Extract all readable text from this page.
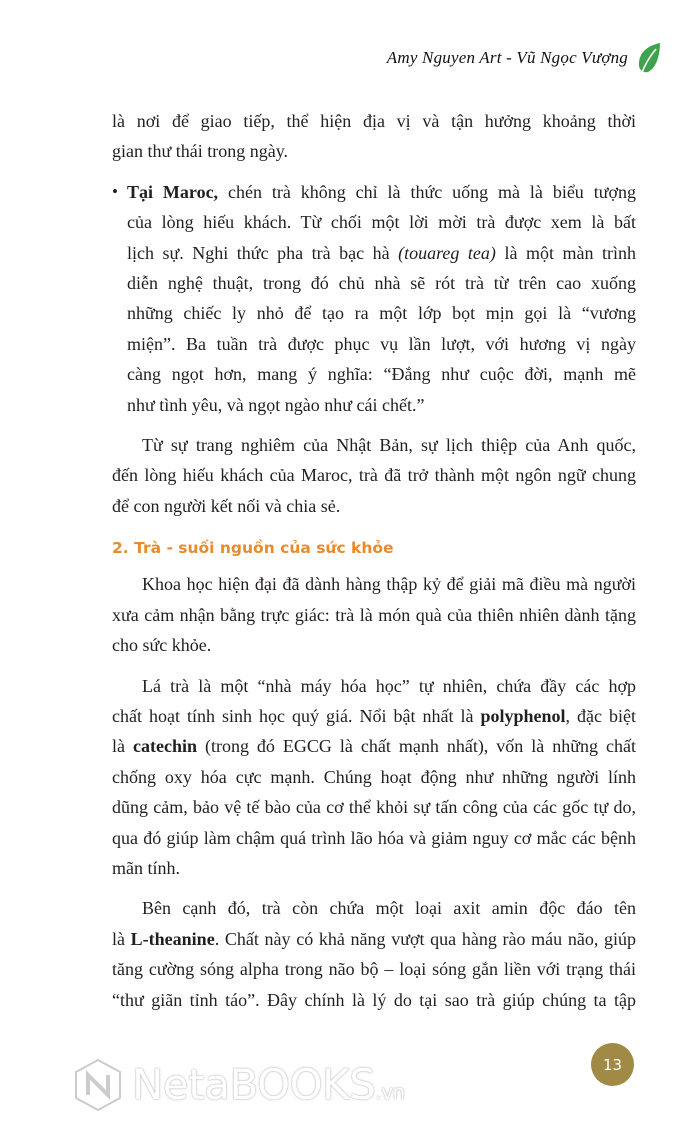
Amy Nguyen Art - Vũ Ngọc Vượng
là nơi để giao tiếp, thể hiện địa vị và tận hưởng khoảng thời
gian thư thái trong ngày.
• Tại Maroc, chén trà không chỉ là thức uống mà là biểu tượng
của lòng hiếu khách. Từ chối một lời mời trà được xem là bất
lịch sự. Nghi thức pha trà bạc hà (touareg tea) là một màn trình
diễn nghệ thuật, trong đó chủ nhà sẽ rót trà từ trên cao xuống
những chiếc ly nhỏ để tạo ra một lớp bọt mịn gọi là “vương
miện”. Ba tuần trà được phục vụ lần lượt, với hương vị ngày
càng ngọt hơn, mang ý nghĩa: “Đắng như cuộc đời, mạnh mẽ
như tình yêu, và ngọt ngào như cái chết.”
Từ sự trang nghiêm của Nhật Bản, sự lịch thiệp của Anh quốc,
đến lòng hiếu khách của Maroc, trà đã trở thành một ngôn ngữ chung
để con người kết nối và chia sẻ.
2. Trà - suối nguồn của sức khỏe
Khoa học hiện đại đã dành hàng thập kỷ để giải mã điều mà người
xưa cảm nhận bằng trực giác: trà là món quà của thiên nhiên dành tặng
cho sức khỏe.
Lá trà là một “nhà máy hóa học” tự nhiên, chứa đầy các hợp
chất hoạt tính sinh học quý giá. Nổi bật nhất là polyphenol, đặc biệt
là catechin (trong đó EGCG là chất mạnh nhất), vốn là những chất
chống oxy hóa cực mạnh. Chúng hoạt động như những người lính
dũng cảm, bảo vệ tế bào của cơ thể khỏi sự tấn công của các gốc tự do,
qua đó giúp làm chậm quá trình lão hóa và giảm nguy cơ mắc các bệnh
mãn tính.
Bên cạnh đó, trà còn chứa một loại axit amin độc đáo tên
là L-theanine. Chất này có khả năng vượt qua hàng rào máu não, giúp
tăng cường sóng alpha trong não bộ – loại sóng gắn liền với trạng thái
“thư giãn tỉnh táo”. Đây chính là lý do tại sao trà giúp chúng ta tập
NetaBOOKS.vn
13
